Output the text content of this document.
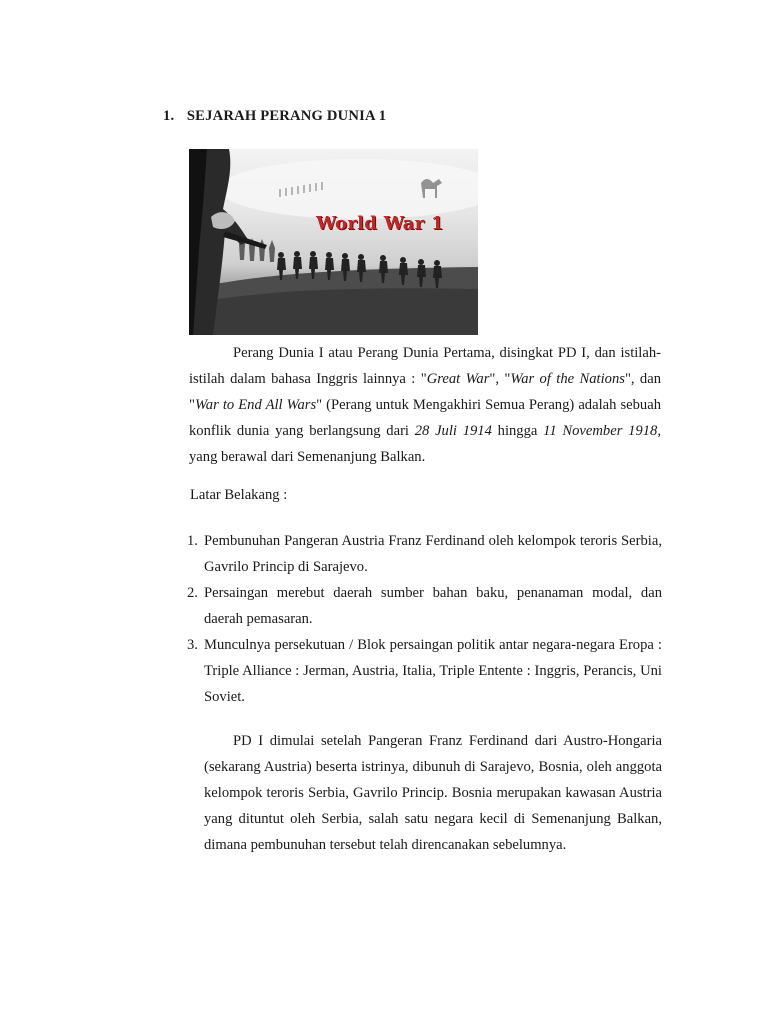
1. SEJARAH PERANG DUNIA 1
World War 1

Perang Dunia I atau Perang Dunia Pertama, disingkat PD I, dan istilah-istilah dalam bahasa Inggris lainnya : "Great War", "War of the Nations", dan "War to End All Wars" (Perang untuk Mengakhiri Semua Perang) adalah sebuah konflik dunia yang berlangsung dari 28 Juli 1914 hingga 11 November 1918, yang berawal dari Semenanjung Balkan.

Latar Belakang :
1. Pembunuhan Pangeran Austria Franz Ferdinand oleh kelompok teroris Serbia, Gavrilo Princip di Sarajevo.
2. Persaingan merebut daerah sumber bahan baku, penanaman modal, dan daerah pemasaran.
3. Munculnya persekutuan / Blok persaingan politik antar negara-negara Eropa : Triple Alliance : Jerman, Austria, Italia, Triple Entente : Inggris, Perancis, Uni Soviet.

PD I dimulai setelah Pangeran Franz Ferdinand dari Austro-Hongaria (sekarang Austria) beserta istrinya, dibunuh di Sarajevo, Bosnia, oleh anggota kelompok teroris Serbia, Gavrilo Princip. Bosnia merupakan kawasan Austria yang dituntut oleh Serbia, salah satu negara kecil di Semenanjung Balkan, dimana pembunuhan tersebut telah direncanakan sebelumnya.
